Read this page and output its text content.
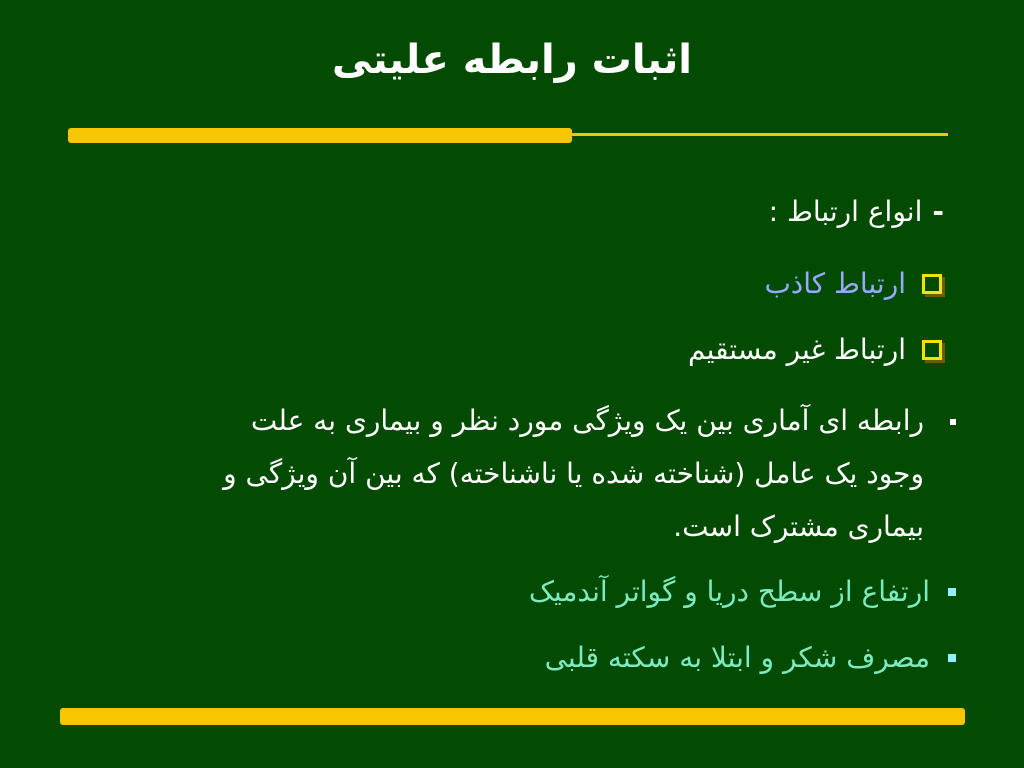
اثبات رابطه علیتی
-
انواع ارتباط :
ارتباط کاذب
ارتباط غیر مستقیم
رابطه ای آماری بین یک ویژگی مورد نظر و بیماری به علت
وجود یک عامل (شناخته شده یا ناشناخته) که بین آن ویژگی و
بیماری مشترک است.
ارتفاع از سطح دریا و گواتر آندمیک
مصرف شکر و ابتلا به سکته قلبی
